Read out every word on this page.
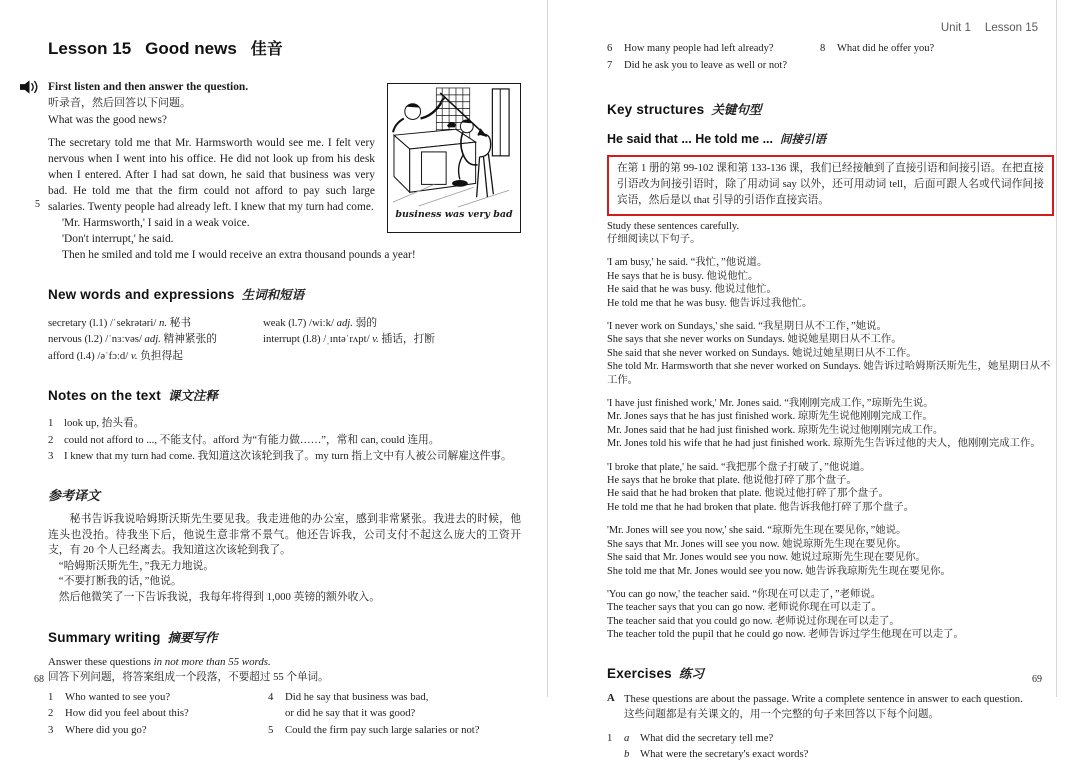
Lesson 15 Good news 佳音
First listen and then answer the question.
听录音，然后回答以下问题。
What was the good news?
5

The secretary told me that Mr. Harmsworth would see me. I felt very nervous when I went into his office. He did not look up from his desk when I entered. After I had sat down, he said that business was very bad. He told me that the firm could not afford to pay such large salaries. Twenty people had already left. I knew that my turn had come.

'Mr. Harmsworth,' I said in a weak voice.

'Don't interrupt,' he said.

business was very bad

Then he smiled and told me I would receive an extra thousand pounds a year!

New words and expressions 生词和短语
secretary (l.1) /ˈsekrətəri/ n. 秘书
nervous (l.2) /ˈnɜːvəs/ adj. 精神紧张的
afford (l.4) /əˈfɔːd/ v. 负担得起
weak (l.7) /wiːk/ adj. 弱的
interrupt (l.8) /ˌɪntəˈrʌpt/ v. 插话，打断
Notes on the text 课文注释
1 look up, 抬头看。
2 could not afford to ..., 不能支付。afford 为“有能力做……”，常和 can, could 连用。
3 I knew that my turn had come. 我知道这次该轮到我了。my turn 指上文中有人被公司解雇这件事。
参考译文

秘书告诉我说哈姆斯沃斯先生要见我。我走进他的办公室，感到非常紧张。我进去的时候，他连头也没抬。待我坐下后，他说生意非常不景气。他还告诉我，公司支付不起这么庞大的工资开支，有 20 个人已经离去。我知道这次该轮到我了。

“哈姆斯沃斯先生，”我无力地说。

“不要打断我的话，”他说。

然后他微笑了一下告诉我说，我每年将得到 1,000 英镑的额外收入。

Summary writing 摘要写作
Answer these questions in not more than 55 words.
回答下列问题，将答案组成一个段落，不要超过 55 个单词。
1	Who wanted to see you?
2	How did you feel about this?
3	Where did you go?
4	Did he say that business was bad,
or did he say that it was good?
5	Could the firm pay such large salaries or not?
68
Unit 1 Lesson 15
6	How many people had left already?
7	Did he ask you to leave as well or not?
8	What did he offer you?
Key structures 关键句型
He said that ... He told me ... 间接引语
在第 1 册的第 99-102 课和第 133-136 课，我们已经接触到了直接引语和间接引语。在把直接引语改为间接引语时，除了用动词 say 以外，还可用动词 tell，后面可跟人名或代词作间接宾语，然后是以 that 引导的引语作直接宾语。
Study these sentences carefully.
仔细阅读以下句子。

'I am busy,' he said. “我忙，”他说道。

He says that he is busy. 他说他忙。

He said that he was busy. 他说过他忙。

He told me that he was busy. 他告诉过我他忙。

'I never work on Sundays,' she said. “我星期日从不工作，”她说。

She says that she never works on Sundays. 她说她星期日从不工作。

She said that she never worked on Sundays. 她说过她星期日从不工作。

She told Mr. Harmsworth that she never worked on Sundays. 她告诉过哈姆斯沃斯先生，她星期日从不工作。

'I have just finished work,' Mr. Jones said. “我刚刚完成工作，”琼斯先生说。

Mr. Jones says that he has just finished work. 琼斯先生说他刚刚完成工作。

Mr. Jones said that he had just finished work. 琼斯先生说过他刚刚完成工作。

Mr. Jones told his wife that he had just finished work. 琼斯先生告诉过他的夫人，他刚刚完成工作。

'I broke that plate,' he said. “我把那个盘子打破了，”他说道。

He says that he broke that plate. 他说他打碎了那个盘子。

He said that he had broken that plate. 他说过他打碎了那个盘子。

He told me that he had broken that plate. 他告诉我他打碎了那个盘子。

'Mr. Jones will see you now,' she said. “琼斯先生现在要见你，”她说。

She says that Mr. Jones will see you now. 她说琼斯先生现在要见你。

She said that Mr. Jones would see you now. 她说过琼斯先生现在要见你。

She told me that Mr. Jones would see you now. 她告诉我琼斯先生现在要见你。

'You can go now,' the teacher said. “你现在可以走了，”老师说。

The teacher says that you can go now. 老师说你现在可以走了。

The teacher said that you could go now. 老师说过你现在可以走了。

The teacher told the pupil that he could go now. 老师告诉过学生他现在可以走了。

Exercises 练习
A These questions are about the passage. Write a complete sentence in answer to each question.
这些问题都是有关课文的，用一个完整的句子来回答以下每个问题。
1	a What did the secretary tell me?
b What were the secretary's exact words?
69
